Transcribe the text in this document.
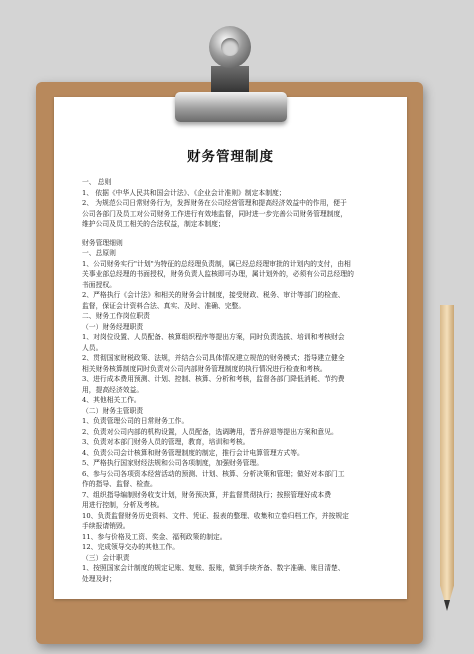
财务管理制度
一、 总则
1、 依据《中华人民共和国会计法》、《企业会计准则》制定本制度；
2、 为规范公司日常财务行为，发挥财务在公司经营管理和提高经济效益中的作用，便于
公司各部门及员工对公司财务工作进行有效地监督，同时进一步完善公司财务管理制度，
维护公司及员工相关的合法权益，制定本制度；
财务管理细则
一、总原则
1、公司财务实行"计划"为特征的总经理负责制，属已经总经理审批的计划内的支付，由相
关事业部总经理的书面授权，财务负责人监核即可办理，属计划外的，必须有公司总经理的
书面授权。
2、严格执行《会计法》和相关的财务会计制度，接受财政、税务、审计等部门的检查、
监督，保证会计资料合法、真实、及时、准确、完整。
二、财务工作岗位职责
（一）财务经理职责
1、对岗位设置、人员配备、核算组织程序等提出方案，同时负责选拔、培训和考核财会
人员。
2、贯彻国家财税政策、法规，并结合公司具体情况建立规范的财务模式；指导建立健全
相关财务核算制度同时负责对公司内部财务管理制度的执行情况进行检查和考核。
3、进行成本费用预测、计划、控制、核算、分析和考核，监督各部门降低消耗、节约费
用，提高经济效益。
4、其他相关工作。
（二）财务主管职责
1、负责管理公司的日常财务工作。
2、负责对公司内部的机构设置，人员配备，选调聘用，晋升辞退等提出方案和意见。
3、负责对本部门财务人员的管理，教育，培训和考核。
4、负责公司会计核算和财务管理制度的制定，推行会计电算管理方式等。
5、严格执行国家财经法规和公司各项制度，加强财务管理。
6、参与公司各项资本经营活动的预测、计划、核算、分析决策和管理；做好对本部门工
作的指导、监督、检查。
7、组织指导编制财务收支计划，财务预决算，并监督贯彻执行；按照管理好成本费
用进行控制，分析及考核。
10、负责监督财务历史资料、文件、凭证、报表的整理、收集和立卷归档工作，并按规定
手续报请销毁。
11、参与价格及工资、奖金、福利政策的制定。
12、完成领导交办的其他工作。
（三）会计职责
1、按照国家会计制度的规定记账、复账、报账，做到手续齐备、数字准确、账目清楚、
处理及时；
